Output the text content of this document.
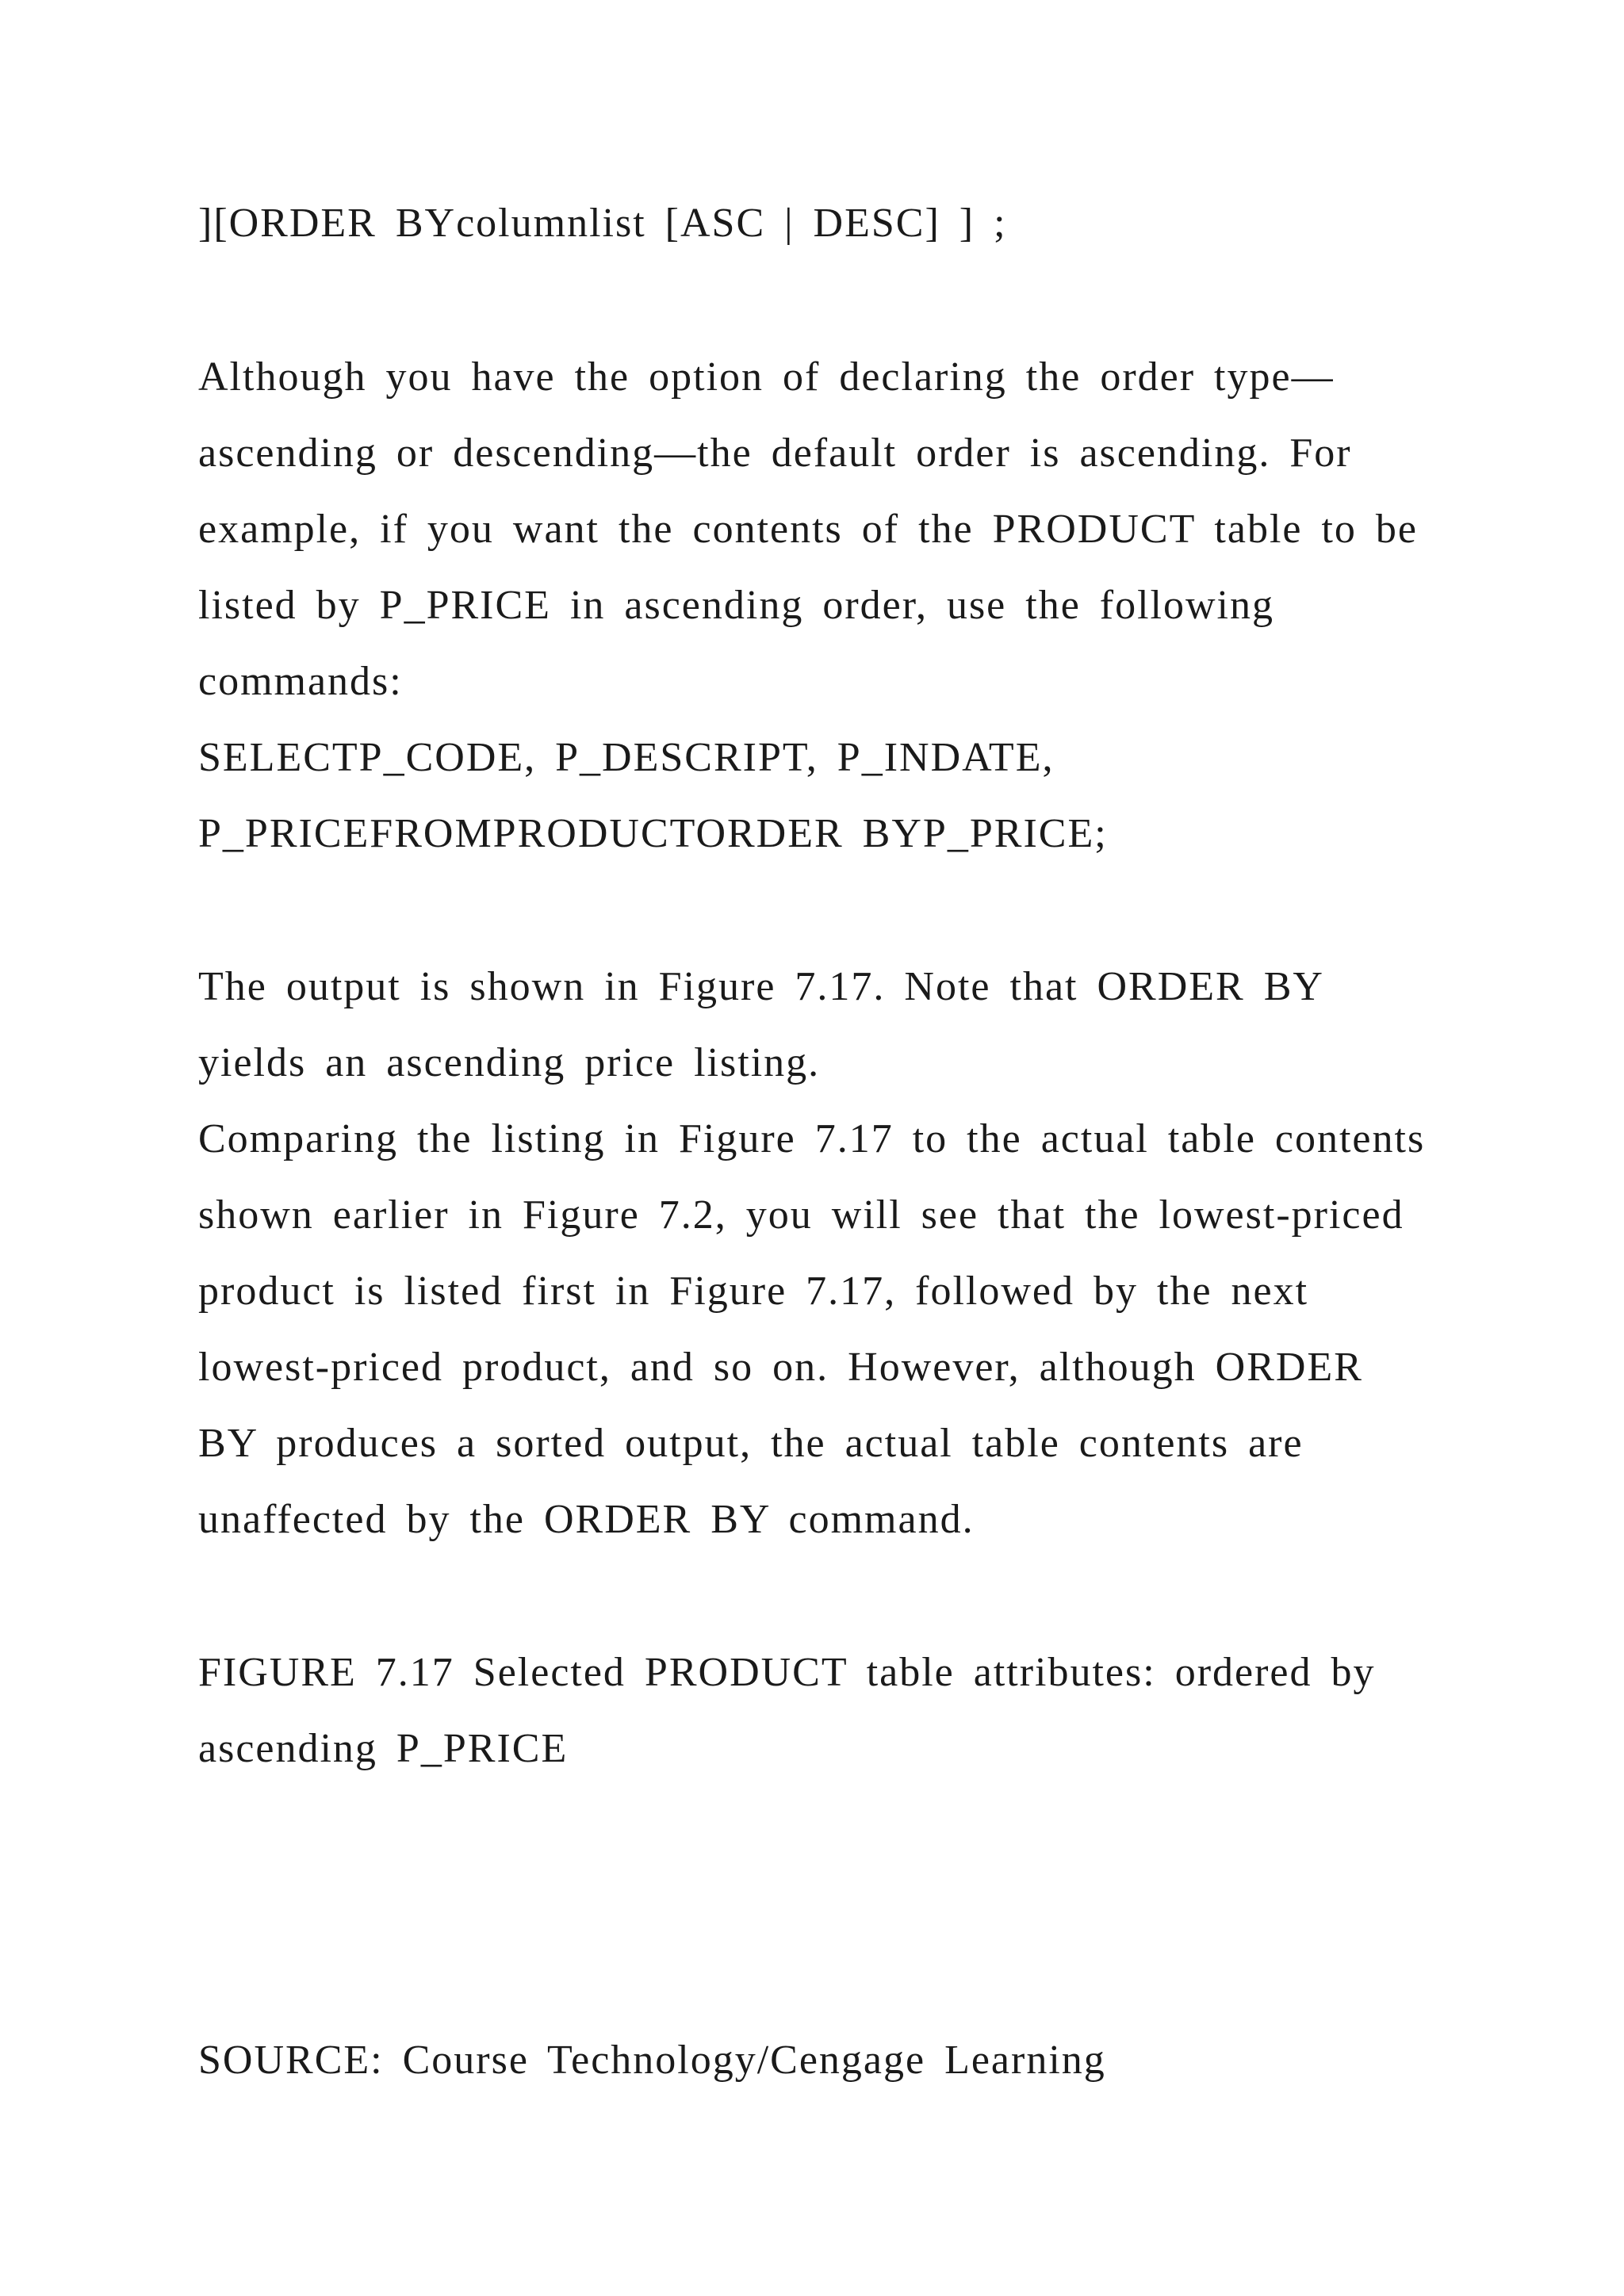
][ORDER BYcolumnlist [ASC | DESC] ] ;
Although you have the option of declaring the order type—
ascending or descending—the default order is ascending. For
example, if you want the contents of the PRODUCT table to be
listed by P_PRICE in ascending order, use the following
commands:
SELECTP_CODE, P_DESCRIPT, P_INDATE,
P_PRICEFROMPRODUCTORDER BYP_PRICE;
The output is shown in Figure 7.17. Note that ORDER BY
yields an ascending price listing.
Comparing the listing in Figure 7.17 to the actual table contents
shown earlier in Figure 7.2, you will see that the lowest-priced
product is listed first in Figure 7.17, followed by the next
lowest-priced product, and so on. However, although ORDER
BY produces a sorted output, the actual table contents are
unaffected by the ORDER BY command.
FIGURE 7.17 Selected PRODUCT table attributes: ordered by
ascending P_PRICE
SOURCE: Course Technology/Cengage Learning
